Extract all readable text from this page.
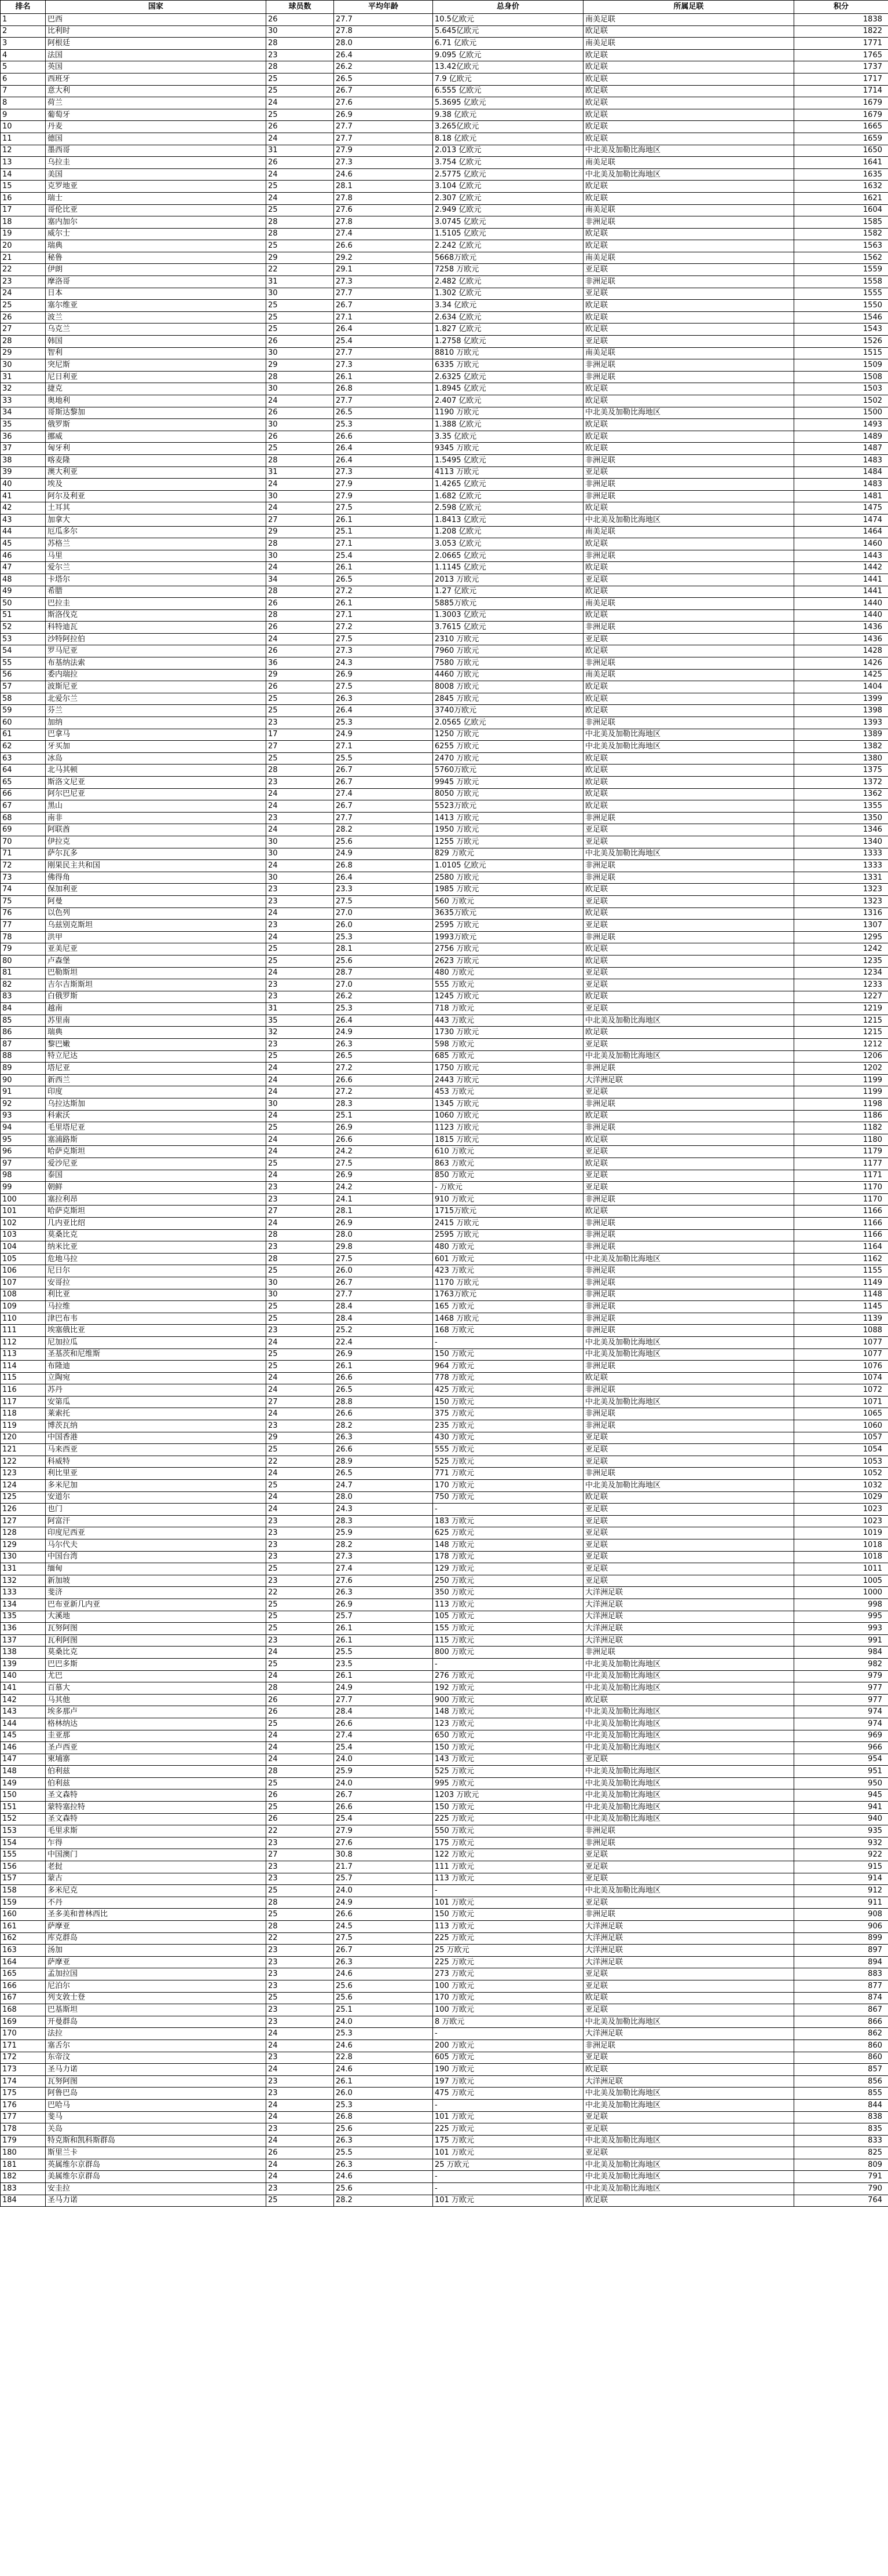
排名	国家	球员数	平均年龄	总身价	所属足联	积分
1	巴西	26	27.7	10.5亿欧元	南美足联	1838
2	比利时	30	27.8	5.645亿欧元	欧足联	1822
3	阿根廷	28	28.0	6.71 亿欧元	南美足联	1771
4	法国	23	26.4	9.095 亿欧元	欧足联	1765
5	英国	28	26.2	13.42亿欧元	欧足联	1737
6	西班牙	25	26.5	7.9 亿欧元	欧足联	1717
7	意大利	25	26.7	6.555 亿欧元	欧足联	1714
8	荷兰	24	27.6	5.3695 亿欧元	欧足联	1679
9	葡萄牙	25	26.9	9.38 亿欧元	欧足联	1679
10	丹麦	26	27.7	3.265亿欧元	欧足联	1665
11	德国	24	27.7	8.18 亿欧元	欧足联	1659
12	墨西哥	31	27.9	2.013 亿欧元	中北美及加勒比海地区	1650
13	乌拉圭	26	27.3	3.754 亿欧元	南美足联	1641
14	美国	24	24.6	2.5775 亿欧元	中北美及加勒比海地区	1635
15	克罗地亚	25	28.1	3.104 亿欧元	欧足联	1632
16	瑞士	24	27.8	2.307 亿欧元	欧足联	1621
17	哥伦比亚	25	27.6	2.949 亿欧元	南美足联	1604
18	塞内加尔	28	27.8	3.0745 亿欧元	非洲足联	1585
19	威尔士	28	27.4	1.5105 亿欧元	欧足联	1582
20	瑞典	25	26.6	2.242 亿欧元	欧足联	1563
21	秘鲁	29	29.2	5668万欧元	南美足联	1562
22	伊朗	22	29.1	7258 万欧元	亚足联	1559
23	摩洛哥	31	27.3	2.482 亿欧元	非洲足联	1558
24	日本	30	27.7	1.302 亿欧元	亚足联	1555
25	塞尔维亚	25	26.7	3.34 亿欧元	欧足联	1550
26	波兰	25	27.1	2.634 亿欧元	欧足联	1546
27	乌克兰	25	26.4	1.827 亿欧元	欧足联	1543
28	韩国	26	25.4	1.2758 亿欧元	亚足联	1526
29	智利	30	27.7	8810 万欧元	南美足联	1515
30	突尼斯	29	27.3	6335 万欧元	非洲足联	1509
31	尼日利亚	28	26.1	2.6325 亿欧元	非洲足联	1508
32	捷克	30	26.8	1.8945 亿欧元	欧足联	1503
33	奥地利	24	27.7	2.407 亿欧元	欧足联	1502
34	哥斯达黎加	26	26.5	1190 万欧元	中北美及加勒比海地区	1500
35	俄罗斯	30	25.3	1.388 亿欧元	欧足联	1493
36	挪威	26	26.6	3.35 亿欧元	欧足联	1489
37	匈牙利	25	26.4	9345 万欧元	欧足联	1487
38	喀麦隆	28	26.4	1.5495 亿欧元	非洲足联	1483
39	澳大利亚	31	27.3	4113 万欧元	亚足联	1484
40	埃及	24	27.9	1.4265 亿欧元	非洲足联	1483
41	阿尔及利亚	30	27.9	1.682 亿欧元	非洲足联	1481
42	土耳其	24	27.5	2.598 亿欧元	欧足联	1475
43	加拿大	27	26.1	1.8413 亿欧元	中北美及加勒比海地区	1474
44	厄瓜多尔	29	25.1	1.208 亿欧元	南美足联	1464
45	苏格兰	28	27.1	3.053 亿欧元	欧足联	1460
46	马里	30	25.4	2.0665 亿欧元	非洲足联	1443
47	爱尔兰	24	26.1	1.1145 亿欧元	欧足联	1442
48	卡塔尔	34	26.5	2013 万欧元	亚足联	1441
49	希腊	28	27.2	1.27 亿欧元	欧足联	1441
50	巴拉圭	26	26.1	5885万欧元	南美足联	1440
51	斯洛伐克	28	27.1	1.3003 亿欧元	欧足联	1440
52	科特迪瓦	26	27.2	3.7615 亿欧元	非洲足联	1436
53	沙特阿拉伯	24	27.5	2310 万欧元	亚足联	1436
54	罗马尼亚	26	27.3	7960 万欧元	欧足联	1428
55	布基纳法索	36	24.3	7580 万欧元	非洲足联	1426
56	委内瑞拉	29	26.9	4460 万欧元	南美足联	1425
57	波斯尼亚	26	27.5	8008 万欧元	欧足联	1404
58	北爱尔兰	25	26.3	2845 万欧元	欧足联	1399
59	芬兰	25	26.4	3740万欧元	欧足联	1398
60	加纳	23	25.3	2.0565 亿欧元	非洲足联	1393
61	巴拿马	17	24.9	1250 万欧元	中北美及加勒比海地区	1389
62	牙买加	27	27.1	6255 万欧元	中北美及加勒比海地区	1382
63	冰岛	25	25.5	2470 万欧元	欧足联	1380
64	北马其顿	28	26.7	5760万欧元	欧足联	1375
65	斯洛文尼亚	23	26.7	9945 万欧元	欧足联	1372
66	阿尔巴尼亚	24	27.4	8050 万欧元	欧足联	1362
67	黑山	24	26.7	5523万欧元	欧足联	1355
68	南非	23	27.7	1413 万欧元	非洲足联	1350
69	阿联酋	24	28.2	1950 万欧元	亚足联	1346
70	伊拉克	30	25.6	1255 万欧元	亚足联	1340
71	萨尔瓦多	30	24.9	829 万欧元	中北美及加勒比海地区	1333
72	刚果民主共和国	24	26.8	1.0105 亿欧元	非洲足联	1333
73	佛得角	30	26.4	2580 万欧元	非洲足联	1331
74	保加利亚	23	23.3	1985 万欧元	欧足联	1323
75	阿曼	23	27.5	560 万欧元	亚足联	1323
76	以色列	24	27.0	3635万欧元	欧足联	1316
77	乌兹别克斯坦	23	26.0	2595 万欧元	亚足联	1307
78	洪甲	24	25.3	1993万欧元	非洲足联	1295
79	亚美尼亚	25	28.1	2756 万欧元	欧足联	1242
80	卢森堡	25	25.6	2623 万欧元	欧足联	1235
81	巴勒斯坦	24	28.7	480 万欧元	亚足联	1234
82	吉尔吉斯斯坦	23	27.0	555 万欧元	亚足联	1233
83	白俄罗斯	23	26.2	1245 万欧元	欧足联	1227
84	越南	31	25.3	718 万欧元	亚足联	1219
85	苏里南	35	26.4	443 万欧元	中北美及加勒比海地区	1215
86	瑞典	32	24.9	1730 万欧元	欧足联	1215
87	黎巴嫩	23	26.3	598 万欧元	亚足联	1212
88	特立尼达	25	26.5	685 万欧元	中北美及加勒比海地区	1206
89	塔尼亚	24	27.2	1750 万欧元	非洲足联	1202
90	新西兰	24	26.6	2443 万欧元	大洋洲足联	1199
91	印度	24	27.2	453 万欧元	亚足联	1199
92	乌拉达斯加	30	28.3	1345 万欧元	非洲足联	1198
93	科索沃	24	25.1	1060 万欧元	欧足联	1186
94	毛里塔尼亚	25	26.9	1123 万欧元	非洲足联	1182
95	塞浦路斯	24	26.6	1815 万欧元	欧足联	1180
96	哈萨克斯坦	24	24.2	610 万欧元	亚足联	1179
97	爱沙尼亚	25	27.5	863 万欧元	欧足联	1177
98	泰国	24	26.9	850 万欧元	亚足联	1171
99	朝鲜	23	24.2	- 万欧元	亚足联	1170
100	塞拉利昂	23	24.1	910 万欧元	非洲足联	1170
101	哈萨克斯坦	27	28.1	1715万欧元	欧足联	1166
102	几内亚比绍	24	26.9	2415 万欧元	非洲足联	1166
103	莫桑比克	28	28.0	2595 万欧元	非洲足联	1166
104	纳米比亚	23	29.8	480 万欧元	非洲足联	1164
105	危地马拉	28	27.5	601 万欧元	中北美及加勒比海地区	1162
106	尼日尔	25	26.0	423 万欧元	非洲足联	1155
107	安哥拉	30	26.7	1170 万欧元	非洲足联	1149
108	利比亚	30	27.7	1763万欧元	非洲足联	1148
109	马拉维	25	28.4	165 万欧元	非洲足联	1145
110	津巴布韦	25	28.4	1468 万欧元	非洲足联	1139
111	埃塞俄比亚	23	25.2	168 万欧元	非洲足联	1088
112	尼加拉瓜	24	22.4	-	中北美及加勒比海地区	1077
113	圣基茨和尼维斯	25	26.9	150 万欧元	中北美及加勒比海地区	1077
114	布隆迪	25	26.1	964 万欧元	非洲足联	1076
115	立陶宛	24	26.6	778 万欧元	欧足联	1074
116	苏丹	24	26.5	425 万欧元	非洲足联	1072
117	安第瓜	27	28.8	150 万欧元	中北美及加勒比海地区	1071
118	莱索托	24	26.6	375 万欧元	非洲足联	1065
119	博茨瓦纳	23	28.2	235 万欧元	非洲足联	1060
120	中国香港	29	26.3	430 万欧元	亚足联	1057
121	马来西亚	25	26.6	555 万欧元	亚足联	1054
122	科威特	22	28.9	525 万欧元	亚足联	1053
123	利比里亚	24	26.5	771 万欧元	非洲足联	1052
124	多米尼加	25	24.7	170 万欧元	中北美及加勒比海地区	1032
125	安道尔	24	28.0	750 万欧元	欧足联	1029
126	也门	24	24.3	-	亚足联	1023
127	阿富汗	23	28.3	183 万欧元	亚足联	1023
128	印度尼西亚	23	25.9	625 万欧元	亚足联	1019
129	马尔代夫	23	28.2	148 万欧元	亚足联	1018
130	中国台湾	23	27.3	178 万欧元	亚足联	1018
131	缅甸	25	27.4	129 万欧元	亚足联	1011
132	新加坡	23	27.6	250 万欧元	亚足联	1005
133	斐济	22	26.3	350 万欧元	大洋洲足联	1000
134	巴布亚新几内亚	25	26.9	113 万欧元	大洋洲足联	998
135	大溪地	25	25.7	105 万欧元	大洋洲足联	995
136	瓦努阿图	25	26.1	155 万欧元	大洋洲足联	993
137	瓦利阿图	23	26.1	115 万欧元	大洋洲足联	991
138	莫桑比克	24	25.5	800 万欧元	非洲足联	984
139	巴巴多斯	25	23.5	-	中北美及加勒比海地区	982
140	尤巴	24	26.1	276 万欧元	中北美及加勒比海地区	979
141	百慕大	28	24.9	192 万欧元	中北美及加勒比海地区	977
142	马其他	26	27.7	900 万欧元	欧足联	977
143	埃多那卢	26	28.4	148 万欧元	中北美及加勒比海地区	974
144	格林纳达	25	26.6	123 万欧元	中北美及加勒比海地区	974
145	圭亚那	24	27.4	650 万欧元	中北美及加勒比海地区	969
146	圣卢西亚	24	25.4	150 万欧元	中北美及加勒比海地区	966
147	柬埔寨	24	24.0	143 万欧元	亚足联	954
148	伯利兹	28	25.9	525 万欧元	中北美及加勒比海地区	951
149	伯利兹	25	24.0	995 万欧元	中北美及加勒比海地区	950
150	圣文森特	26	26.7	1203 万欧元	中北美及加勒比海地区	945
151	蒙特塞拉特	25	26.6	150 万欧元	中北美及加勒比海地区	941
152	圣文森特	26	25.4	225 万欧元	中北美及加勒比海地区	940
153	毛里求斯	22	27.9	550 万欧元	非洲足联	935
154	乍得	23	27.6	175 万欧元	非洲足联	932
155	中国澳门	27	30.8	122 万欧元	亚足联	922
156	老挝	23	21.7	111 万欧元	亚足联	915
157	蒙古	23	25.7	113 万欧元	亚足联	914
158	多米尼克	25	24.0	-	中北美及加勒比海地区	912
159	不丹	28	24.9	101 万欧元	亚足联	911
160	圣多美和普林西比	25	26.6	150 万欧元	非洲足联	908
161	萨摩亚	28	24.5	113 万欧元	大洋洲足联	906
162	库克群岛	22	27.5	225 万欧元	大洋洲足联	899
163	汤加	23	26.7	25 万欧元	大洋洲足联	897
164	萨摩亚	23	26.3	225 万欧元	大洋洲足联	894
165	孟加拉国	23	24.6	273 万欧元	亚足联	883
166	尼泊尔	23	25.6	100 万欧元	亚足联	877
167	列支敦士登	25	25.6	170 万欧元	欧足联	874
168	巴基斯坦	23	25.1	100 万欧元	亚足联	867
169	开曼群岛	23	24.0	8 万欧元	中北美及加勒比海地区	866
170	法拉	24	25.3	-	大洋洲足联	862
171	塞舌尔	24	24.6	200 万欧元	非洲足联	860
172	东帝汶	23	22.8	605 万欧元	亚足联	860
173	圣马力诺	24	24.6	190 万欧元	欧足联	857
174	瓦努阿图	23	26.1	197 万欧元	大洋洲足联	856
175	阿鲁巴岛	23	26.0	475 万欧元	中北美及加勒比海地区	855
176	巴哈马	24	25.3	-	中北美及加勒比海地区	844
177	斐马	24	26.8	101 万欧元	亚足联	838
178	关岛	23	25.6	225 万欧元	亚足联	835
179	特克斯和凯科斯群岛	24	26.3	175 万欧元	中北美及加勒比海地区	833
180	斯里兰卡	26	25.5	101 万欧元	亚足联	825
181	英属维尔京群岛	24	26.3	25 万欧元	中北美及加勒比海地区	809
182	美属维尔京群岛	24	24.6	-	中北美及加勒比海地区	791
183	安圭拉	23	25.6	-	中北美及加勒比海地区	790
184	圣马力诺	25	28.2	101 万欧元	欧足联	764
